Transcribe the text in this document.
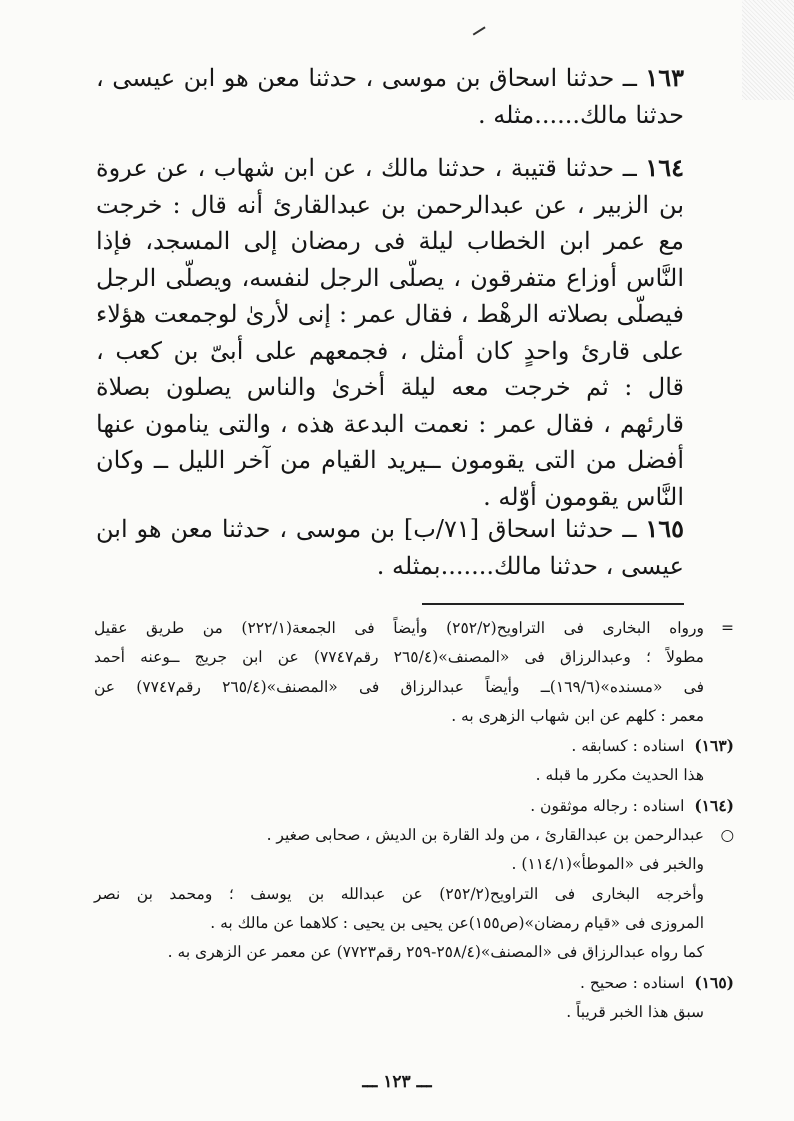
١٦٣ ــ حدثنا اسحاق بن موسى ، حدثنا معن هو ابن عيسى ، حدثنا مالك......مثله .

١٦٤ ــ حدثنا قتيبة ، حدثنا مالك ، عن ابن شهاب ، عن عروة بن الزبير ، عن عبدالرحمن بن عبدالقارئ أنه قال : خرجت مع عمر ابن الخطاب ليلة فى رمضان إلى المسجد، فإذا النَّاس أوزاع متفرقون ، يصلّى الرجل لنفسه، ويصلّى الرجل فيصلّى بصلاته الرهْط ، فقال عمر : إنى لأرىٰ لوجمعت هؤلاء على قارئ واحدٍ كان أمثل ، فجمعهم على أبىّ بن كعب ، قال : ثم خرجت معه ليلة أخرىٰ والناس يصلون بصلاة قارئهم ، فقال عمر : نعمت البدعة هذه ، والتى ينامون عنها أفضل من التى يقومون ــيريد القيام من آخر الليل ــ وكان النَّاس يقومون أوّله .

١٦٥ ــ حدثنا اسحاق [٧١/ب] بن موسى ، حدثنا معن هو ابن عيسى ، حدثنا مالك.......بمثله .

=ورواه البخارى فى التراويح(٢٥٢/٢) وأيضاً فى الجمعة(٢٢٢/١) من طريق عقيل
مطولاً ؛ وعبدالرزاق فى «المصنف»(٢٦٥/٤ رقم٧٧٤٧) عن ابن جريج ــوعنه أحمد
فى «مسنده»(١٦٩/٦)ــ وأيضاً عبدالرزاق فى «المصنف»(٢٦٥/٤ رقم٧٧٤٧) عن
معمر : كلهم عن ابن شهاب الزهرى به .
(١٦٣)  اسناده : كسابقه .
هذا الحديث مكرر ما قبله .
(١٦٤)  اسناده : رجاله موثقون .
○عبدالرحمن بن عبدالقارئ ، من ولد القارة بن الديش ، صحابى صغير .
والخبر فى «الموطأ»(١١٤/١) .
وأخرجه البخارى فى التراويح(٢٥٢/٢) عن عبدالله بن يوسف ؛ ومحمد بن نصر
المروزى فى «قيام رمضان»(ص١٥٥)عن يحيى بن يحيى : كلاهما عن مالك به .
كما رواه عبدالرزاق فى «المصنف»(٢٥٨/٤-٢٥٩ رقم٧٧٢٣) عن معمر عن الزهرى به .
(١٦٥)  اسناده : صحيح .
سبق هذا الخبر قريباً .
ـــ ١٢٣ ـــ
